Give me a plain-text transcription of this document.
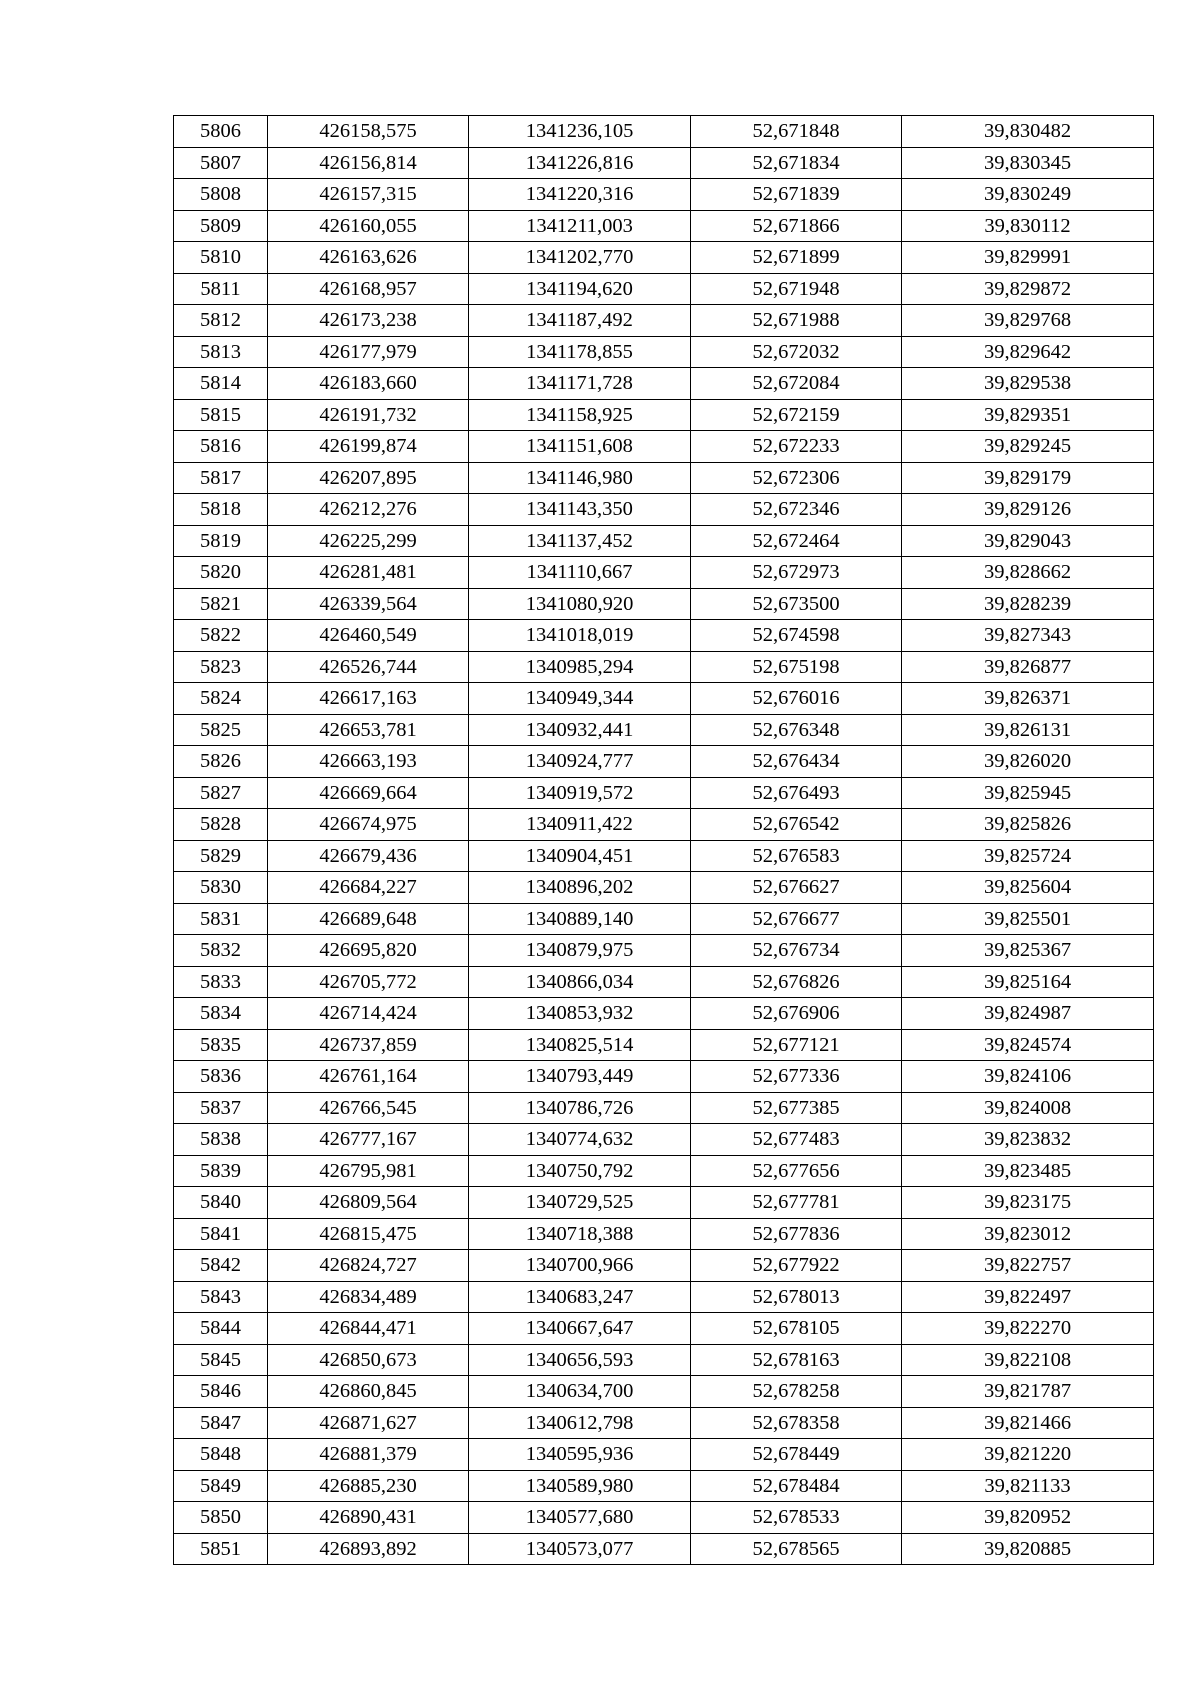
5806	426158,575	1341236,105	52,671848	39,830482
5807	426156,814	1341226,816	52,671834	39,830345
5808	426157,315	1341220,316	52,671839	39,830249
5809	426160,055	1341211,003	52,671866	39,830112
5810	426163,626	1341202,770	52,671899	39,829991
5811	426168,957	1341194,620	52,671948	39,829872
5812	426173,238	1341187,492	52,671988	39,829768
5813	426177,979	1341178,855	52,672032	39,829642
5814	426183,660	1341171,728	52,672084	39,829538
5815	426191,732	1341158,925	52,672159	39,829351
5816	426199,874	1341151,608	52,672233	39,829245
5817	426207,895	1341146,980	52,672306	39,829179
5818	426212,276	1341143,350	52,672346	39,829126
5819	426225,299	1341137,452	52,672464	39,829043
5820	426281,481	1341110,667	52,672973	39,828662
5821	426339,564	1341080,920	52,673500	39,828239
5822	426460,549	1341018,019	52,674598	39,827343
5823	426526,744	1340985,294	52,675198	39,826877
5824	426617,163	1340949,344	52,676016	39,826371
5825	426653,781	1340932,441	52,676348	39,826131
5826	426663,193	1340924,777	52,676434	39,826020
5827	426669,664	1340919,572	52,676493	39,825945
5828	426674,975	1340911,422	52,676542	39,825826
5829	426679,436	1340904,451	52,676583	39,825724
5830	426684,227	1340896,202	52,676627	39,825604
5831	426689,648	1340889,140	52,676677	39,825501
5832	426695,820	1340879,975	52,676734	39,825367
5833	426705,772	1340866,034	52,676826	39,825164
5834	426714,424	1340853,932	52,676906	39,824987
5835	426737,859	1340825,514	52,677121	39,824574
5836	426761,164	1340793,449	52,677336	39,824106
5837	426766,545	1340786,726	52,677385	39,824008
5838	426777,167	1340774,632	52,677483	39,823832
5839	426795,981	1340750,792	52,677656	39,823485
5840	426809,564	1340729,525	52,677781	39,823175
5841	426815,475	1340718,388	52,677836	39,823012
5842	426824,727	1340700,966	52,677922	39,822757
5843	426834,489	1340683,247	52,678013	39,822497
5844	426844,471	1340667,647	52,678105	39,822270
5845	426850,673	1340656,593	52,678163	39,822108
5846	426860,845	1340634,700	52,678258	39,821787
5847	426871,627	1340612,798	52,678358	39,821466
5848	426881,379	1340595,936	52,678449	39,821220
5849	426885,230	1340589,980	52,678484	39,821133
5850	426890,431	1340577,680	52,678533	39,820952
5851	426893,892	1340573,077	52,678565	39,820885
